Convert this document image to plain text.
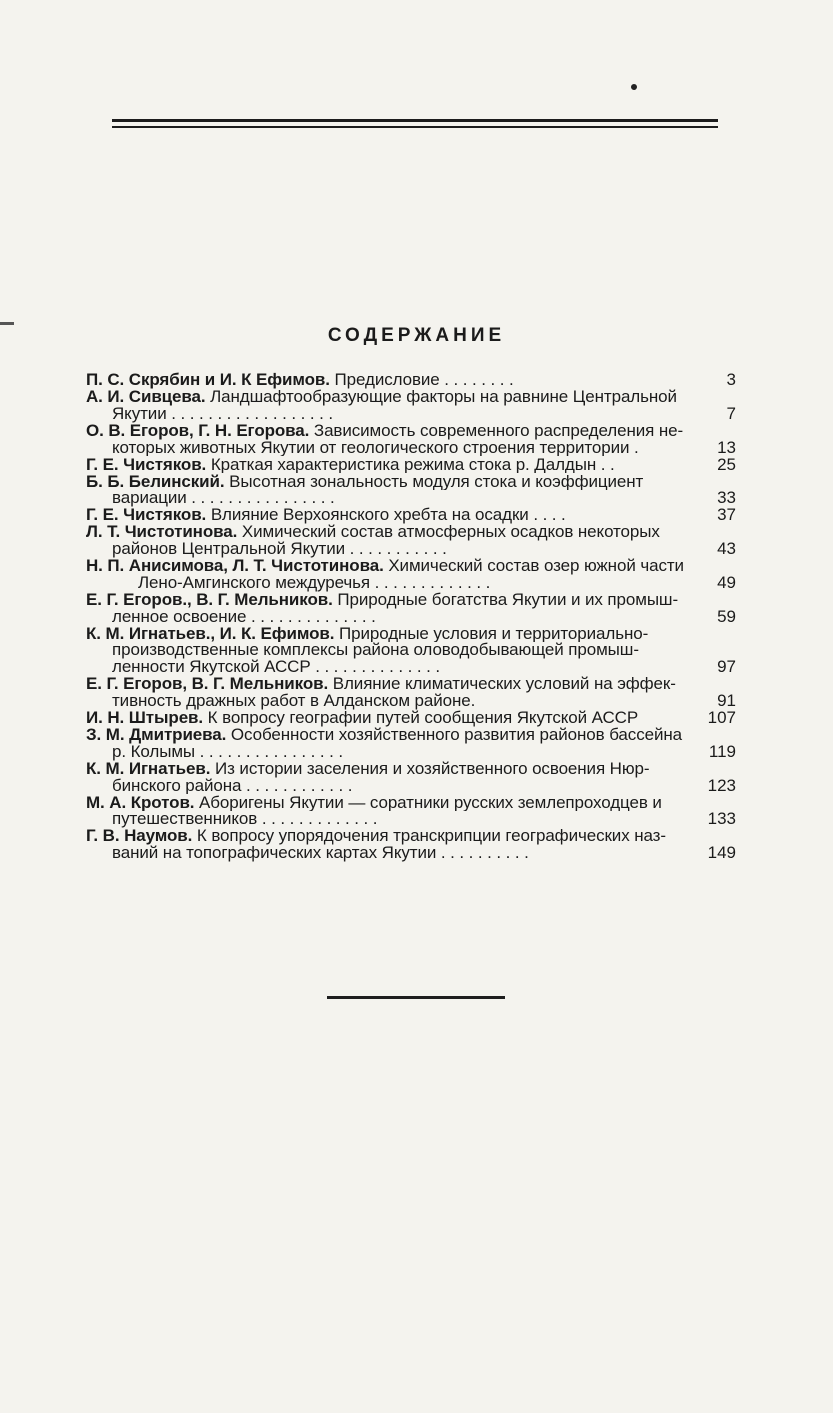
СОДЕРЖАНИЕ
П. С. Скрябин и И. К Ефимов. Предисловие . . . . . . . .	3
А. И. Сивцева. Ландшафтообразующие факторы на равнине Центральной
Якутии . . . . . . . . . . . . . . . . . .	7
О. В. Егоров, Г. Н. Егорова. Зависимость современного распределения не-
которых животных Якутии от геологического строения территории .	13
Г. Е. Чистяков. Краткая характеристика режима стока р. Далдын . .	25
Б. Б. Белинский. Высотная зональность модуля стока и коэффициент
вариации . . . . . . . . . . . . . . . .	33
Г. Е. Чистяков. Влияние Верхоянского хребта на осадки . . . .	37
Л. Т. Чистотинова. Химический состав атмосферных осадков некоторых
районов Центральной Якутии . . . . . . . . . . .	43
Н. П. Анисимова, Л. Т. Чистотинова. Химический состав озер южной части
Лено-Амгинского междуречья . . . . . . . . . . . . .	49
Е. Г. Егоров., В. Г. Мельников. Природные богатства Якутии и их промыш-
ленное освоение . . . . . . . . . . . . . .	59
К. М. Игнатьев., И. К. Ефимов. Природные условия и территориально-
производственные комплексы района оловодобывающей промыш-
ленности Якутской АССР . . . . . . . . . . . . . .	97
Е. Г. Егоров, В. Г. Мельников. Влияние климатических условий на эффек-
тивность дражных работ в Алданском районе.	91
И. Н. Штырев. К вопросу географии путей сообщения Якутской АССР	107
З. М. Дмитриева. Особенности хозяйственного развития районов бассейна
р. Колымы . . . . . . . . . . . . . . . .	119
К. М. Игнатьев. Из истории заселения и хозяйственного освоения Нюр-
бинского района . . . . . . . . . . . .	123
М. А. Кротов. Аборигены Якутии — соратники русских землепроходцев и
путешественников . . . . . . . . . . . . .	133
Г. В. Наумов. К вопросу упорядочения транскрипции географических наз-
ваний на топографических картах Якутии . . . . . . . . . .	149
